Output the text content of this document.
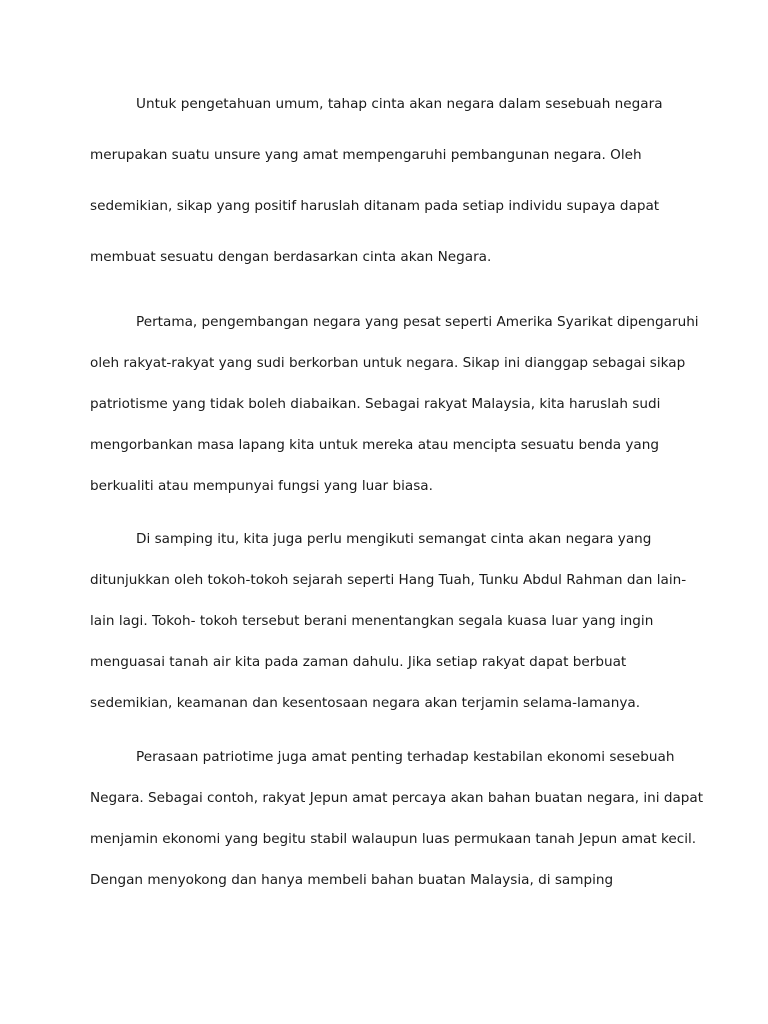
Untuk pengetahuan umum, tahap cinta akan negara dalam sesebuah negara

merupakan suatu unsure yang amat mempengaruhi pembangunan negara. Oleh

sedemikian, sikap yang positif haruslah ditanam pada setiap individu supaya dapat

membuat sesuatu dengan berdasarkan cinta akan Negara.

Pertama, pengembangan negara yang pesat seperti Amerika Syarikat dipengaruhi

oleh rakyat-rakyat yang sudi berkorban untuk negara. Sikap ini dianggap sebagai sikap

patriotisme yang tidak boleh diabaikan. Sebagai rakyat Malaysia, kita haruslah sudi

mengorbankan masa lapang kita untuk mereka atau mencipta sesuatu benda yang

berkualiti atau mempunyai fungsi yang luar biasa.

Di samping itu, kita juga perlu mengikuti semangat cinta akan negara yang

ditunjukkan oleh tokoh-tokoh sejarah seperti Hang Tuah, Tunku Abdul Rahman dan lain-

lain lagi. Tokoh- tokoh tersebut berani menentangkan segala kuasa luar yang ingin

menguasai tanah air kita pada zaman dahulu. Jika setiap rakyat dapat berbuat

sedemikian, keamanan dan kesentosaan negara akan terjamin selama-lamanya.

Perasaan patriotime juga amat penting terhadap kestabilan ekonomi sesebuah

Negara. Sebagai contoh, rakyat Jepun amat percaya akan bahan buatan negara, ini dapat

menjamin ekonomi yang begitu stabil walaupun luas permukaan tanah Jepun amat kecil.

Dengan menyokong dan hanya membeli bahan buatan Malaysia, di samping
